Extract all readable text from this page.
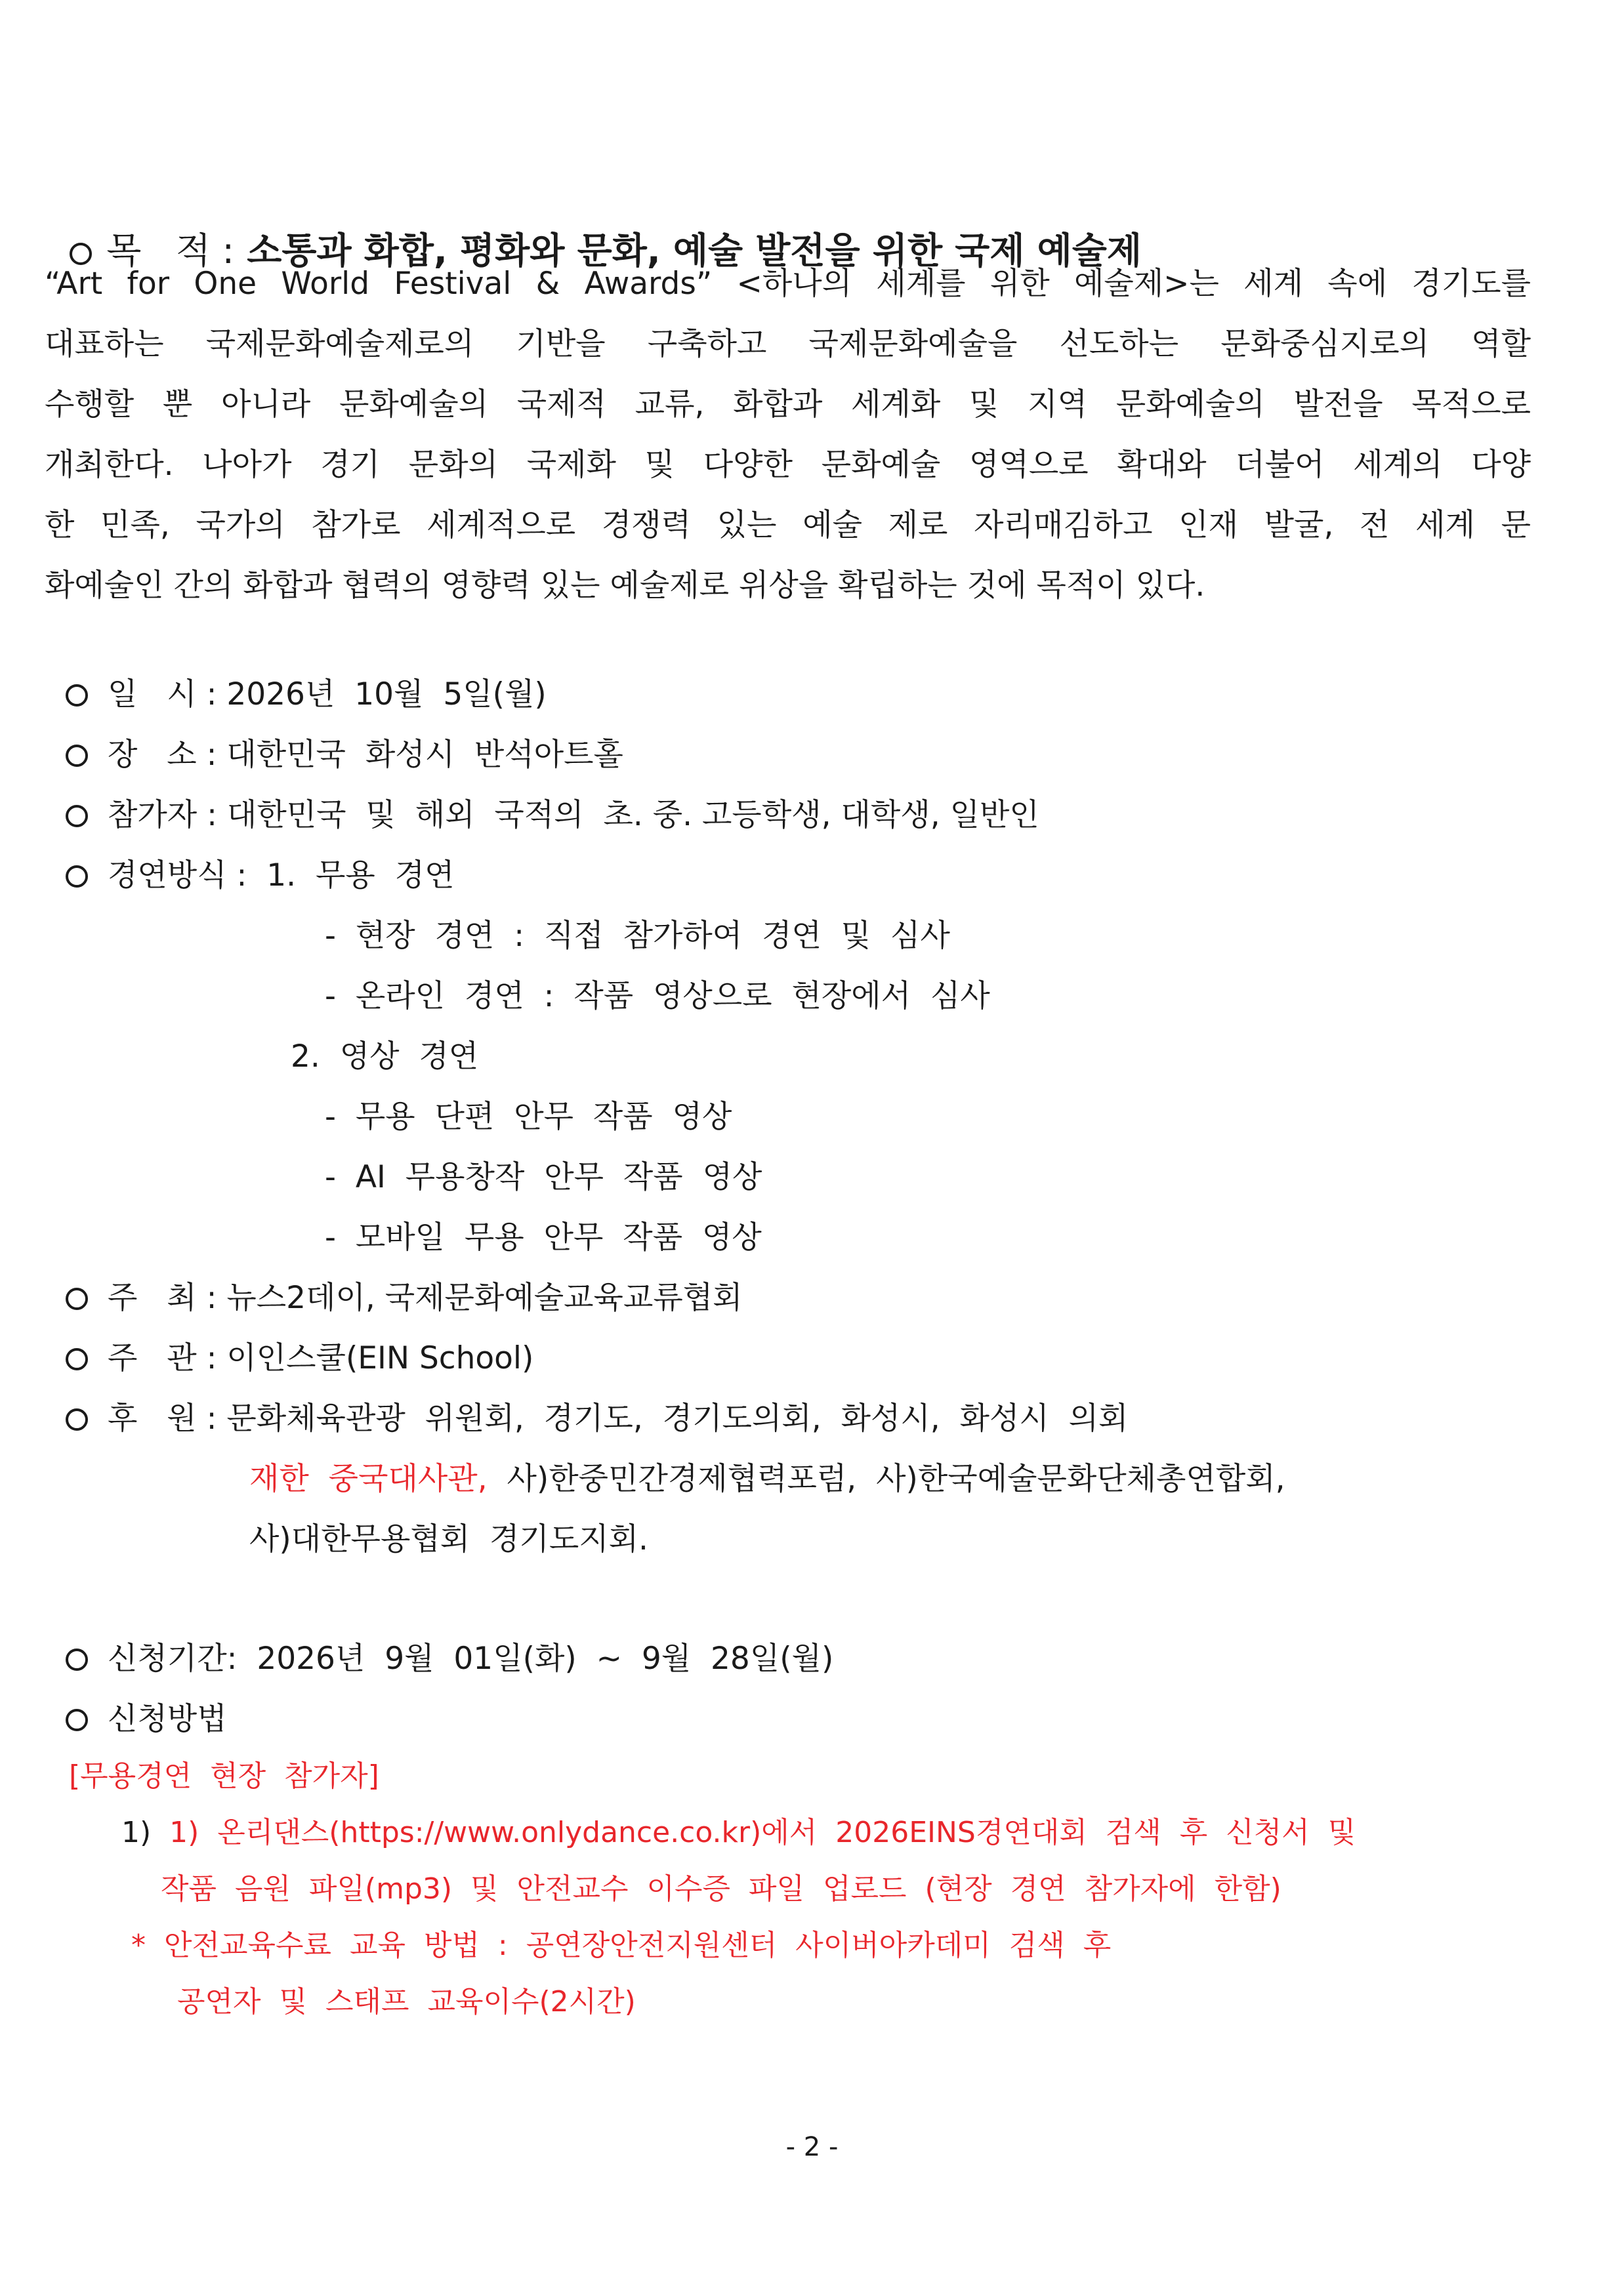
목   적 : 소통과 화합, 평화와 문화, 예술 발전을 위한 국제 예술제

“Art for One World Festival & Awards” <하나의 세계를 위한 예술제>는 세계 속에 경기도를
대표하는 국제문화예술제로의 기반을 구축하고 국제문화예술을 선도하는 문화중심지로의 역할
수행할 뿐 아니라 문화예술의 국제적 교류, 화합과 세계화 및 지역 문화예술의 발전을 목적으로
개최한다. 나아가 경기 문화의 국제화 및 다양한 문화예술 영역으로 확대와 더불어 세계의 다양
한 민족, 국가의 참가로 세계적으로 경쟁력 있는 예술 제로 자리매김하고 인재 발굴, 전 세계 문
화예술인 간의 화합과 협력의 영향력 있는 예술제로 위상을 확립하는 것에 목적이 있다.
일   시 : 2026년  10월  5일(월)
장   소 : 대한민국  화성시  반석아트홀
참가자 : 대한민국  및  해외  국적의  초. 중. 고등학생, 대학생, 일반인
경연방식 :  1.  무용  경연
-  현장  경연  :  직접  참가하여  경연  및  심사
-  온라인  경연  :  작품  영상으로  현장에서  심사
2.  영상  경연
-  무용  단편  안무  작품  영상
-  AI  무용창작  안무  작품  영상
-  모바일  무용  안무  작품  영상
주   최 : 뉴스2데이, 국제문화예술교육교류협회
주   관 : 이인스쿨(EIN School)
후   원 : 문화체육관광  위원회,  경기도,  경기도의회,  화성시,  화성시  의회
재한  중국대사관,  사)한중민간경제협력포럼,  사)한국예술문화단체총연합회,
사)대한무용협회  경기도지회.
신청기간:  2026년  9월  01일(화)  ~  9월  28일(월)
신청방법
[무용경연  현장  참가자]
1)  1)  온리댄스(https://www.onlydance.co.kr)에서  2026EINS경연대회  검색  후  신청서  및
작품  음원  파일(mp3)  및  안전교수  이수증  파일  업로드  (현장  경연  참가자에  한함)
*  안전교육수료  교육  방법  :  공연장안전지원센터  사이버아카데미  검색  후
공연자  및  스태프  교육이수(2시간)
- 2 -
